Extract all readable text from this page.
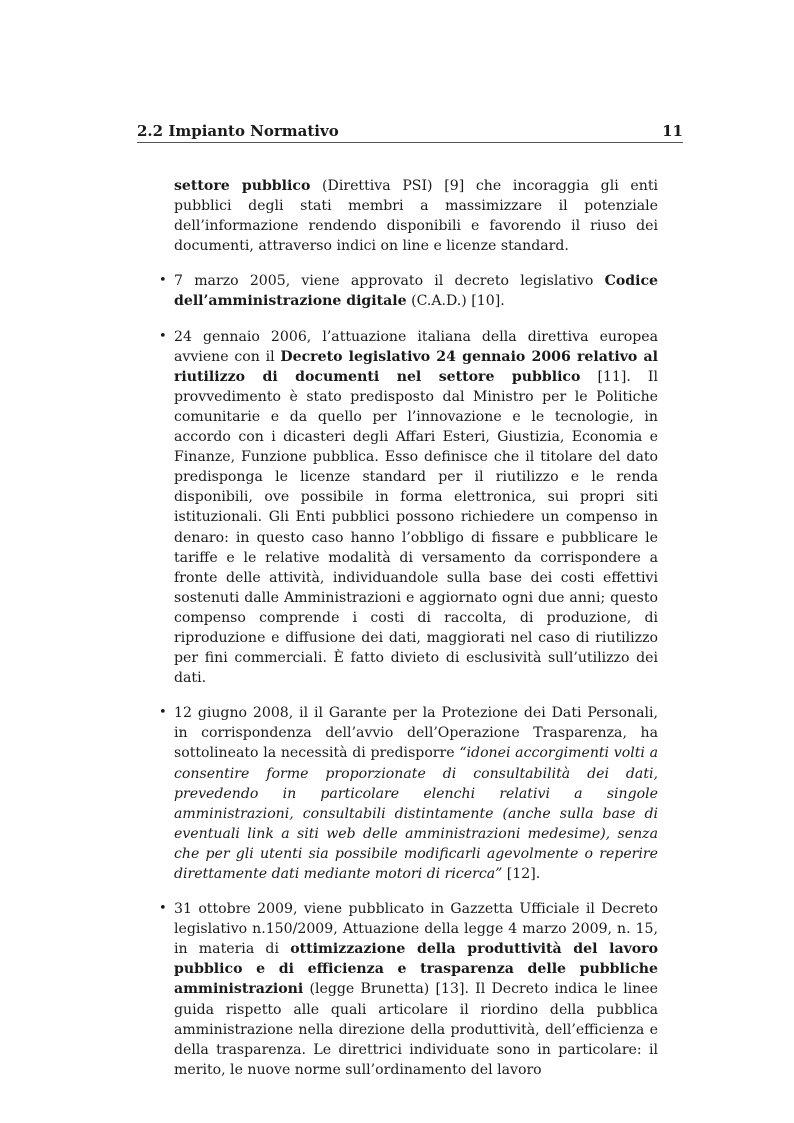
2.2 Impianto Normativo	11

settore pubblico (Direttiva PSI) [9] che incoraggia gli enti pubblici degli stati membri a massimizzare il potenziale dell’informazione rendendo disponibili e favorendo il riuso dei documenti, attraverso indici on line e licenze standard.

• 7 marzo 2005, viene approvato il decreto legislativo Codice dell’amministrazione digitale (C.A.D.) [10].
• 24 gennaio 2006, l’attuazione italiana della direttiva europea avviene con il Decreto legislativo 24 gennaio 2006 relativo al riutilizzo di documenti nel settore pubblico [11]. Il provvedimento è stato predisposto dal Ministro per le Politiche comunitarie e da quello per l’innovazione e le tecnologie, in accordo con i dicasteri degli Affari Esteri, Giustizia, Economia e Finanze, Funzione pubblica. Esso definisce che il titolare del dato predisponga le licenze standard per il riutilizzo e le renda disponibili, ove possibile in forma elettronica, sui propri siti istituzionali. Gli Enti pubblici possono richiedere un compenso in denaro: in questo caso hanno l’obbligo di fissare e pubblicare le tariffe e le relative modalità di versamento da corrispondere a fronte delle attività, individuandole sulla base dei costi effettivi sostenuti dalle Amministrazioni e aggiornato ogni due anni; questo compenso comprende i costi di raccolta, di produzione, di riproduzione e diffusione dei dati, maggiorati nel caso di riutilizzo per fini commerciali. È fatto divieto di esclusività sull’utilizzo dei dati.
• 12 giugno 2008, il il Garante per la Protezione dei Dati Personali, in corrispondenza dell’avvio dell’Operazione Trasparenza, ha sottolineato la necessità di predisporre “idonei accorgimenti volti a consentire forme proporzionate di consultabilità dei dati, prevedendo in particolare elenchi relativi a singole amministrazioni, consultabili distintamente (anche sulla base di eventuali link a siti web delle amministrazioni medesime), senza che per gli utenti sia possibile modificarli agevolmente o reperire direttamente dati mediante motori di ricerca” [12].
• 31 ottobre 2009, viene pubblicato in Gazzetta Ufficiale il Decreto legislativo n.150/2009, Attuazione della legge 4 marzo 2009, n. 15, in materia di ottimizzazione della produttività del lavoro pubblico e di efficienza e trasparenza delle pubbliche amministrazioni (legge Brunetta) [13]. Il Decreto indica le linee guida rispetto alle quali articolare il riordino della pubblica amministrazione nella direzione della produttività, dell’efficienza e della trasparenza. Le direttrici individuate sono in particolare: il merito, le nuove norme sull’ordinamento del lavoro
